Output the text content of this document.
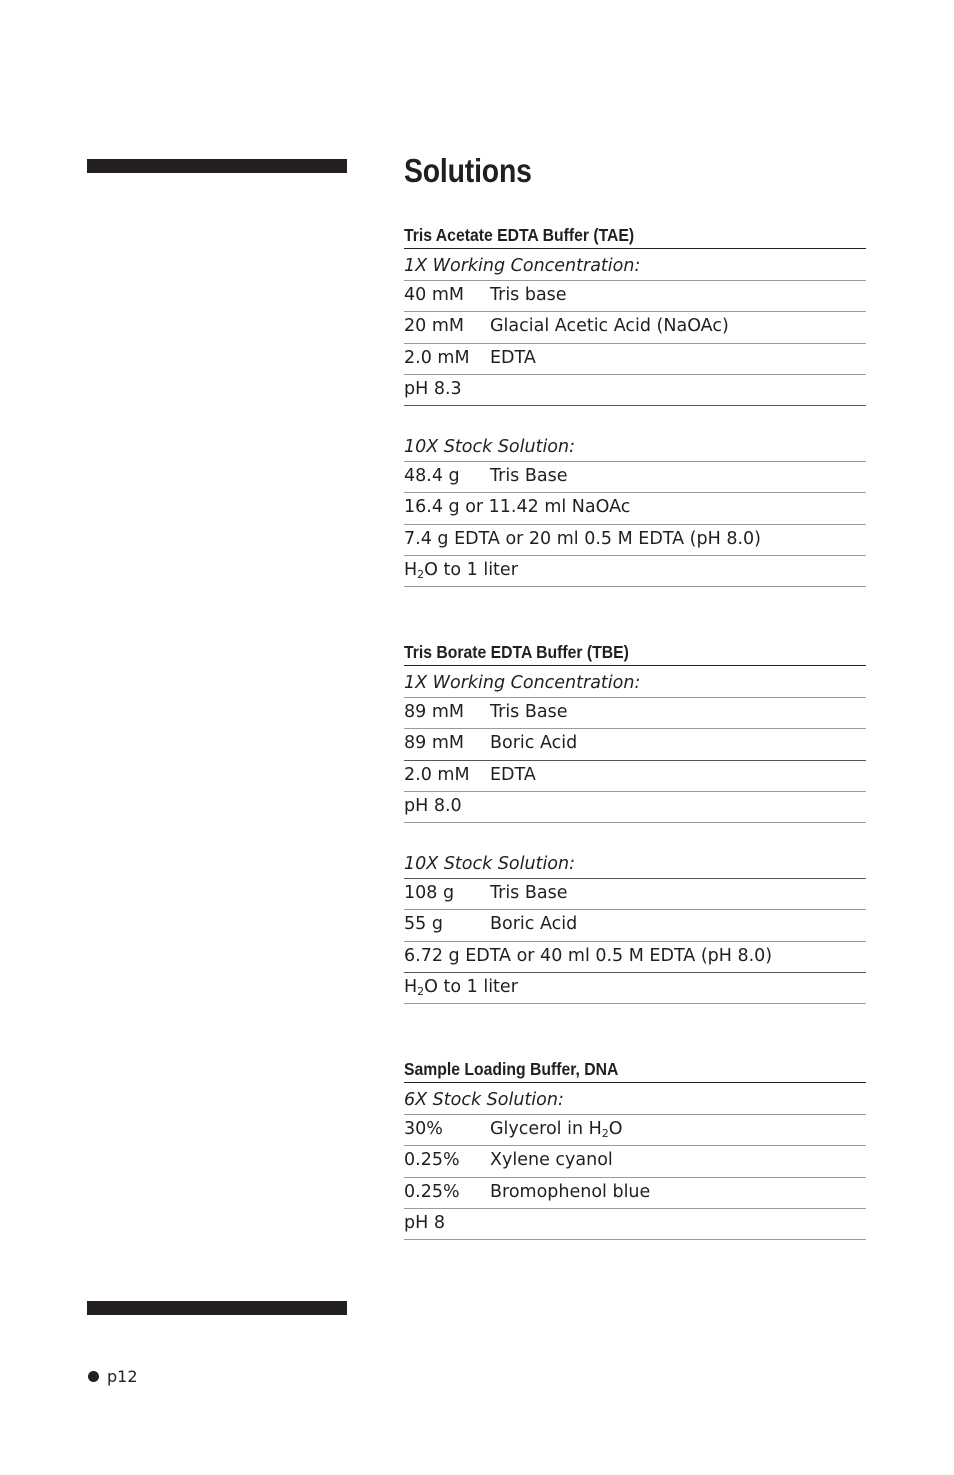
Solutions
Tris Acetate EDTA Buffer (TAE)
1X Working Concentration:
40 mM	Tris base
20 mM	Glacial Acetic Acid (NaOAc)
2.0 mM	EDTA
pH 8.3
10X Stock Solution:
48.4 g	Tris Base
16.4 g or 11.42 ml NaOAc
7.4 g EDTA or 20 ml 0.5 M EDTA (pH 8.0)
$H_2O$ to 1 liter
Tris Borate EDTA Buffer (TBE)
1X Working Concentration:
89 mM	Tris Base
89 mM	Boric Acid
2.0 mM	EDTA
pH 8.0
10X Stock Solution:
108 g	Tris Base
55 g	Boric Acid
6.72 g EDTA or 40 ml 0.5 M EDTA (pH 8.0)
$H_2O$ to 1 liter
Sample Loading Buffer, DNA
6X Stock Solution:
30%	Glycerol in $H_2O$
0.25%	Xylene cyanol
0.25%	Bromophenol blue
pH 8
p12
